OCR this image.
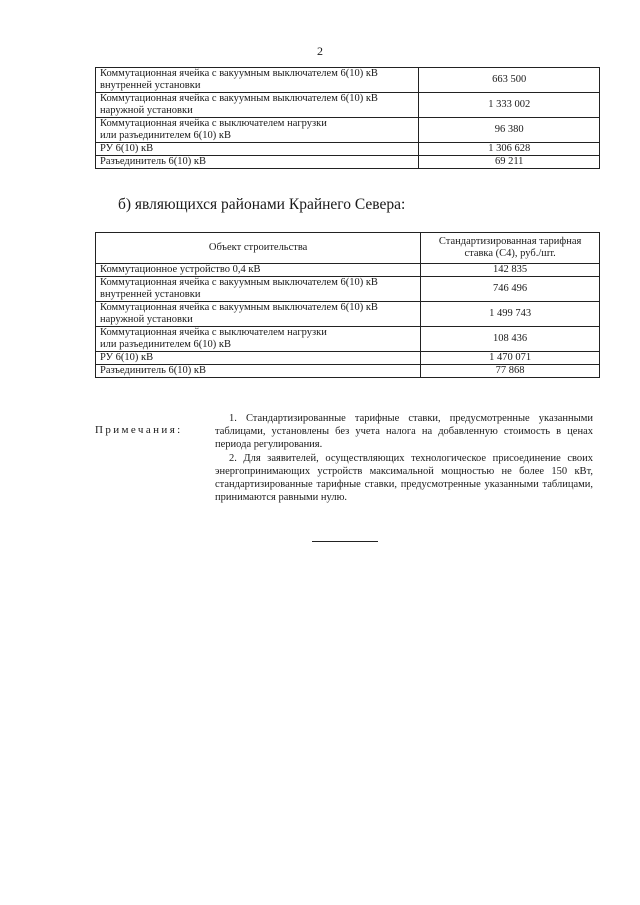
2
Коммутационная ячейка с вакуумным выключателем 6(10) кВ
внутренней установки	663 500
Коммутационная ячейка с вакуумным выключателем 6(10) кВ
наружной установки	1 333 002
Коммутационная ячейка с выключателем нагрузки
или разъединителем 6(10) кВ	96 380
РУ 6(10) кВ	1 306 628
Разъединитель 6(10) кВ	69 211
б) являющихся районами Крайнего Севера:
Объект строительства	Стандартизированная тарифная
ставка (С4), руб./шт.
Коммутационное устройство 0,4 кВ	142 835
Коммутационная ячейка с вакуумным выключателем 6(10) кВ
внутренней установки	746 496
Коммутационная ячейка с вакуумным выключателем 6(10) кВ
наружной установки	1 499 743
Коммутационная ячейка с выключателем нагрузки
или разъединителем 6(10) кВ	108 436
РУ 6(10) кВ	1 470 071
Разъединитель 6(10) кВ	77 868
Примечания:

1. Стандартизированные тарифные ставки, предусмотренные указанными таблицами, установлены без учета налога на добавленную стоимость в ценах периода регулирования.

2. Для заявителей, осуществляющих технологическое присоединение своих энергопринимающих устройств максимальной мощностью не более 150 кВт, стандартизированные тарифные ставки, предусмотренные указанными таблицами, принимаются равными нулю.
